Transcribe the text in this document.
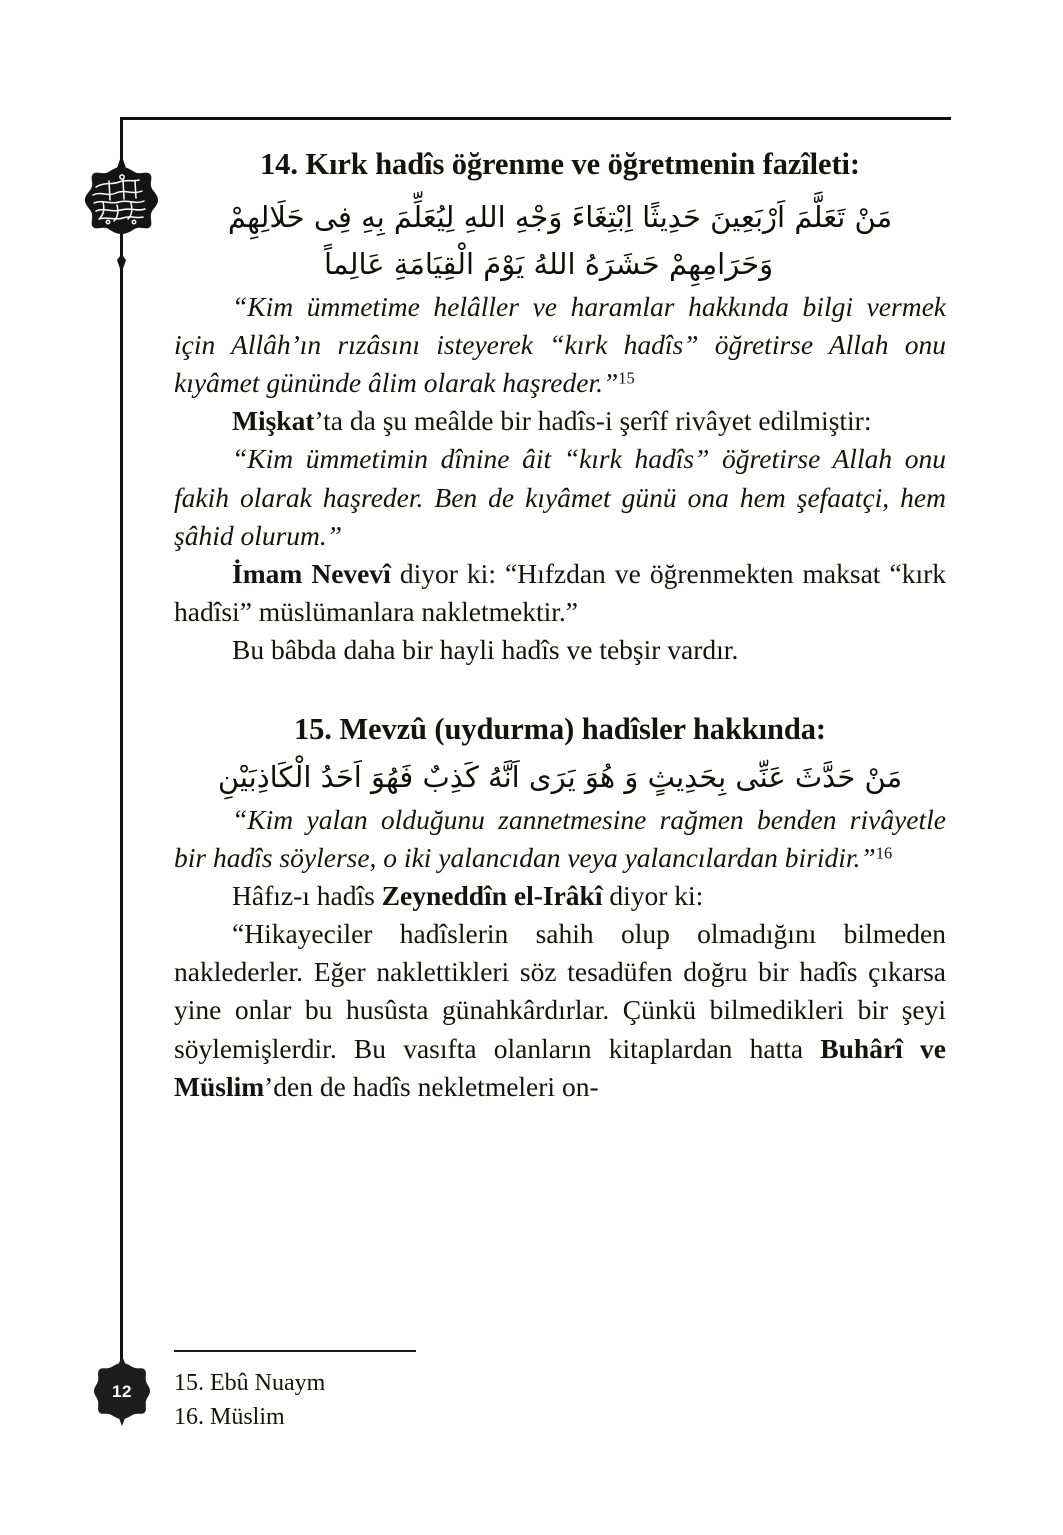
12
14. Kırk hadîs öğrenme ve öğretmenin fazîleti:

مَنْ تَعَلَّمَ اَرْبَعِينَ حَدِيثًا اِبْتِغَاءَ وَجْهِ اللهِ لِيُعَلِّمَ بِهِ فِى حَلَالِهِمْ

وَحَرَامِهِمْ حَشَرَهُ اللهُ يَوْمَ الْقِيَامَةِ عَالِماً

“Kim ümmetime helâller ve haramlar hakkında bilgi vermek için Allâh’ın rızâsını isteyerek “kırk hadîs” öğretirse Allah onu kıyâmet gününde âlim olarak haşreder.”$^{15}$

Mişkat’ta da şu meâlde bir hadîs-i şerîf rivâyet edilmiştir:

“Kim ümmetimin dînine âit “kırk hadîs” öğretirse Allah onu fakih olarak haşreder. Ben de kıyâmet günü ona hem şefaatçi, hem şâhid olurum.”

İmam Nevevî diyor ki: “Hıfzdan ve öğrenmekten maksat “kırk hadîsi” müslümanlara nakletmektir.”

Bu bâbda daha bir hayli hadîs ve tebşir vardır.

15. Mevzû (uydurma) hadîsler hakkında:

مَنْ حَدَّثَ عَنِّى بِحَدِيثٍ وَ هُوَ يَرَى اَنَّهُ كَذِبٌ فَهُوَ اَحَدُ الْكَاذِبَيْنِ

“Kim yalan olduğunu zannetmesine rağmen benden rivâyetle bir hadîs söylerse, o iki yalancıdan veya yalancılardan biridir.”$^{16}$

Hâfız-ı hadîs Zeyneddîn el-Irâkî diyor ki:

“Hikayeciler hadîslerin sahih olup olmadığını bilmeden naklederler. Eğer naklettikleri söz tesadüfen doğru bir hadîs çıkarsa yine onlar bu husûsta günahkârdırlar. Çünkü bilmedikleri bir şeyi söylemişlerdir. Bu vasıfta olanların kitaplardan hatta Buhârî ve Müslim’den de hadîs nekletmeleri on-

15. Ebû Nuaym

16. Müslim
